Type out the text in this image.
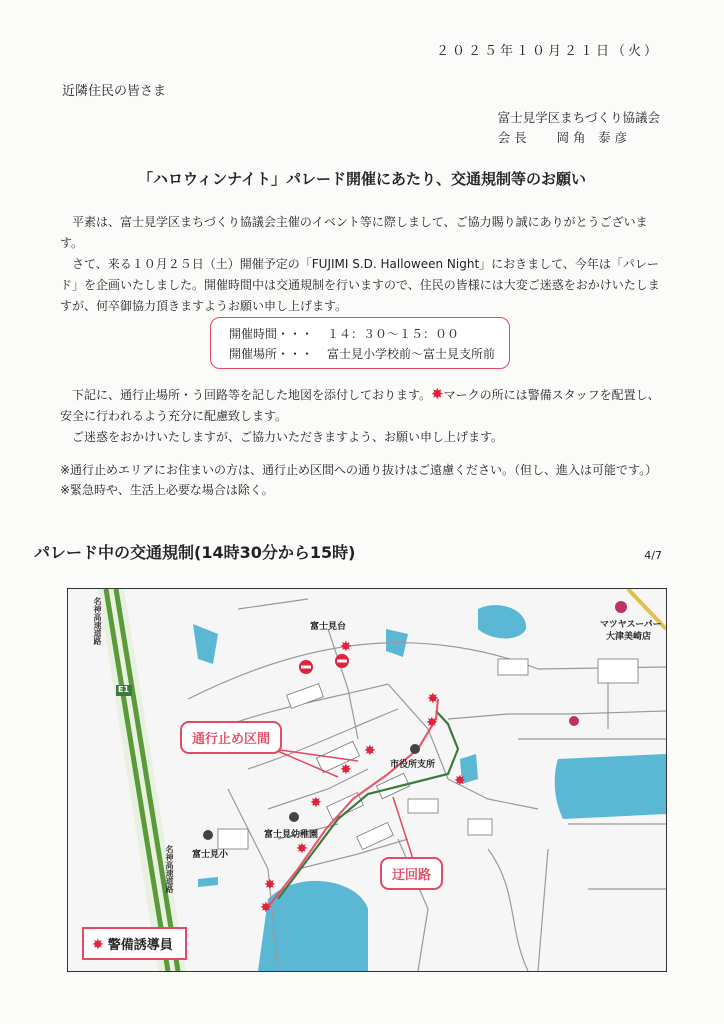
２０２５年１０月２１日（火）
近隣住民の皆さま
富士見学区まちづくり協議会
会 長 岡 角　泰 彦
「ハロウィンナイト」パレード開催にあたり、交通規制等のお願い

平素は、富士見学区まちづくり協議会主催のイベント等に際しまして、ご協力賜り誠にありがとうございます。

さて、来る１０月２５日（土）開催予定の「FUJIMI S.D. Halloween Night」におきまして、今年は「パレード」を企画いたしました。開催時間中は交通規制を行いますので、住民の皆様には大変ご迷惑をおかけいたしますが、何卒御協力頂きますようお願い申し上げます。

開催時間・・・	１４：３０～１５：００
開催場所・・・	富士見小学校前～富士見支所前

下記に、通行止場所・う回路等を記した地図を添付しております。✸マークの所には警備スタッフを配置し、安全に行われるよう充分に配慮致します。

ご迷惑をおかけいたしますが、ご協力いただきますよう、お願い申し上げます。

※通行止めエリアにお住まいの方は、通行止め区間への通り抜けはご遠慮ください。（但し、進入は可能です。）

※緊急時や、生活上必要な場合は除く。

パレード中の交通規制(14時30分から15時)	4/7
✸
✸
✸
✸
✸
✸
✸
✸
✸
✸
富士見台
市役所支所
富士見幼稚園
富士見小
マツヤスーパー
大津美崎店
名神高速道路
名神高速道路
E1
通行止め区間
迂回路
✸ 警備誘導員
